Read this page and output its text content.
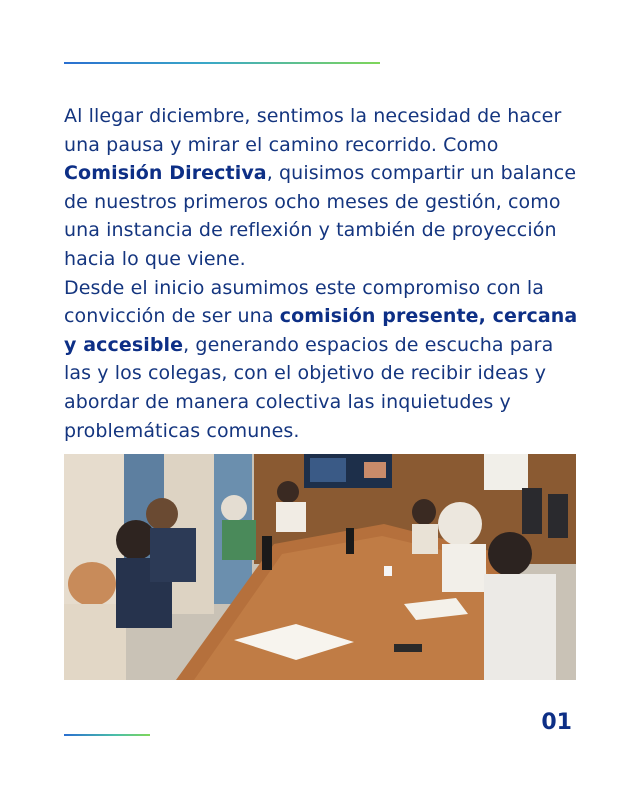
Al llegar diciembre, sentimos la necesidad de hacer una pausa y mirar el camino recorrido. Como Comisión Directiva, quisimos compartir un balance de nuestros primeros ocho meses de gestión, como una instancia de reflexión y también de proyección hacia lo que viene.

Desde el inicio asumimos este compromiso con la convicción de ser una comisión presente, cercana y accesible, generando espacios de escucha para las y los colegas, con el objetivo de recibir ideas y abordar de manera colectiva las inquietudes y problemáticas comunes.

01
